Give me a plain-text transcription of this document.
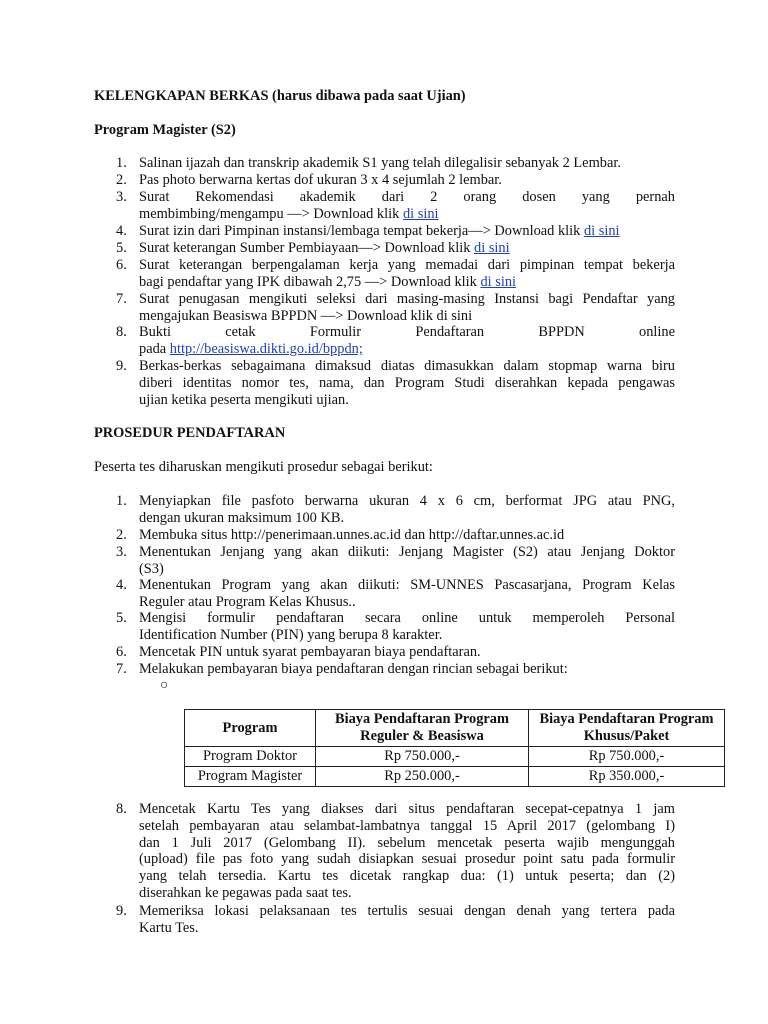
KELENGKAPAN BERKAS (harus dibawa pada saat Ujian)
Program Magister (S2)
1. Salinan ijazah dan transkrip akademik S1 yang telah dilegalisir sebanyak 2 Lembar.
2. Pas photo berwarna kertas dof ukuran 3 x 4 sejumlah 2 lembar.
3. Surat Rekomendasi akademik dari 2 orang dosen yang pernah
membimbing/mengampu —> Download klik di sini
4. Surat izin dari Pimpinan instansi/lembaga tempat bekerja—> Download klik di sini
5. Surat keterangan Sumber Pembiayaan—> Download klik di sini
6. Surat keterangan berpengalaman kerja yang memadai dari pimpinan tempat bekerja
bagi pendaftar yang IPK dibawah 2,75 —> Download klik di sini
7. Surat penugasan mengikuti seleksi dari masing-masing Instansi bagi Pendaftar yang
mengajukan Beasiswa BPPDN —> Download klik di sini
8. Bukti cetak Formulir Pendaftaran BPPDN online
pada http://beasiswa.dikti.go.id/bppdn;
9. Berkas-berkas sebagaimana dimaksud diatas dimasukkan dalam stopmap warna biru
diberi identitas nomor tes, nama, dan Program Studi diserahkan kepada pengawas
ujian ketika peserta mengikuti ujian.
PROSEDUR PENDAFTARAN
Peserta tes diharuskan mengikuti prosedur sebagai berikut:
1. Menyiapkan file pasfoto berwarna ukuran 4 x 6 cm, berformat JPG atau PNG,
dengan ukuran maksimum 100 KB.
2. Membuka situs http://penerimaan.unnes.ac.id dan http://daftar.unnes.ac.id
3. Menentukan Jenjang yang akan diikuti: Jenjang Magister (S2) atau Jenjang Doktor
(S3)
4. Menentukan Program yang akan diikuti: SM-UNNES Pascasarjana, Program Kelas
Reguler atau Program Kelas Khusus..
5. Mengisi formulir pendaftaran secara online untuk memperoleh Personal
Identification Number (PIN) yang berupa 8 karakter.
6. Mencetak PIN untuk syarat pembayaran biaya pendaftaran.
7. Melakukan pembayaran biaya pendaftaran dengan rincian sebagai berikut:
○
Program	Biaya Pendaftaran Program Reguler & Beasiswa	Biaya Pendaftaran Program Khusus/Paket
Program Doktor	Rp 750.000,-	Rp 750.000,-
Program Magister	Rp 250.000,-	Rp 350.000,-
8. Mencetak Kartu Tes yang diakses dari situs pendaftaran secepat-cepatnya 1 jam
setelah pembayaran atau selambat-lambatnya tanggal 15 April 2017 (gelombang I)
dan 1 Juli 2017 (Gelombang II). sebelum mencetak peserta wajib mengunggah
(upload) file pas foto yang sudah disiapkan sesuai prosedur point satu pada formulir
yang telah tersedia. Kartu tes dicetak rangkap dua: (1) untuk peserta; dan (2)
diserahkan ke pegawas pada saat tes.
9. Memeriksa lokasi pelaksanaan tes tertulis sesuai dengan denah yang tertera pada
Kartu Tes.
